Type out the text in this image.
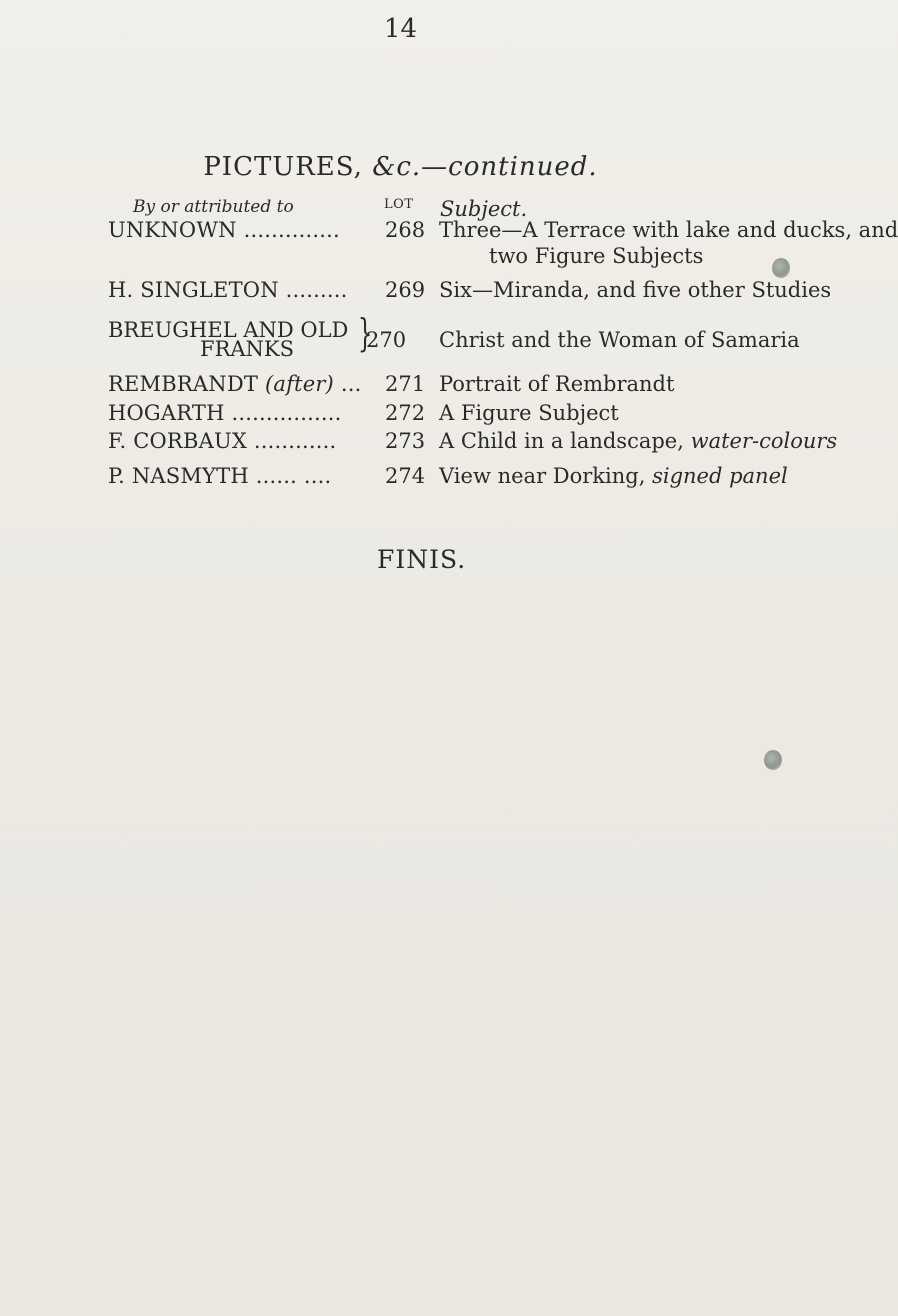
14
PICTURES, &c.—continued.
By or attributed to	LOT Subject.
UNKNOWN .............. 268 Three—A Terrace with lake and ducks, and
two Figure Subjects
H. SINGLETON ......... 269 Six—Miranda, and five other Studies
BREUGHEL AND OLD
FRANKS }
270 Christ and the Woman of Samaria
REMBRANDT (after) ... 271 Portrait of Rembrandt
HOGARTH ................ 272 A Figure Subject
F. CORBAUX ............ 273 A Child in a landscape, water-colours
P. NASMYTH ...... ....	274 View near Dorking, signed panel
FINIS.
